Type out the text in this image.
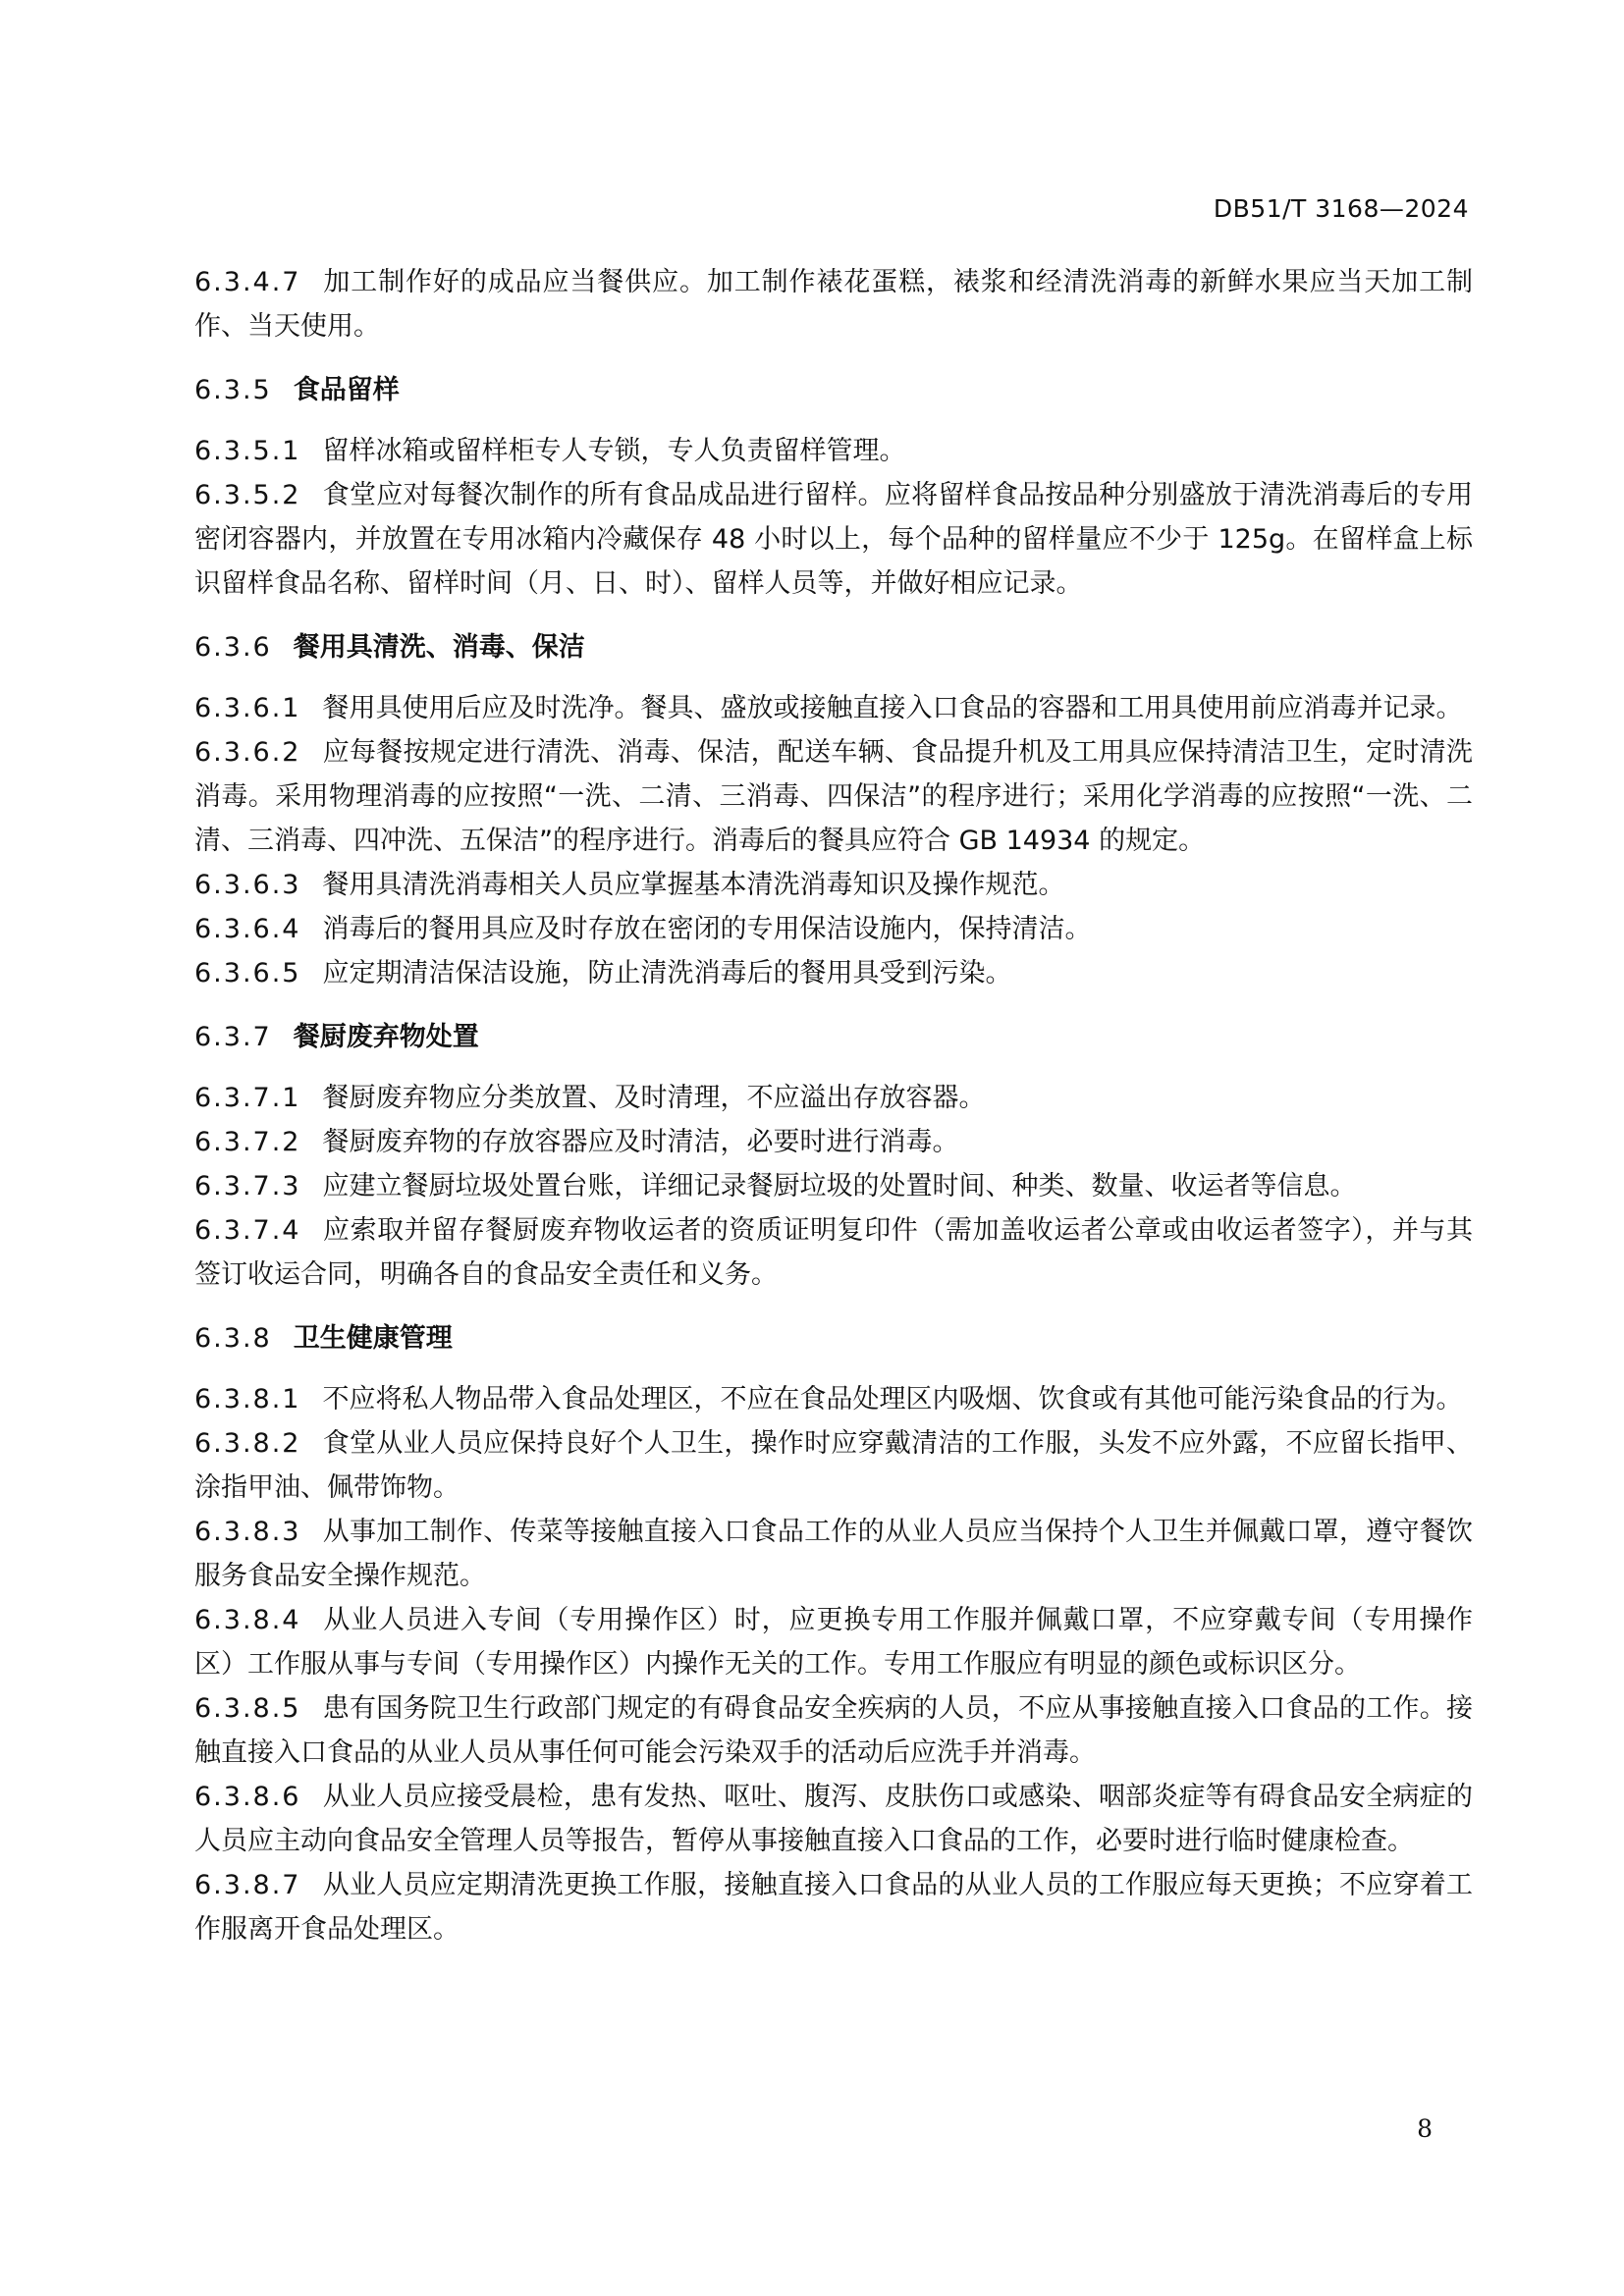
DB51/T 3168—2024

6.3.4.7 加工制作好的成品应当餐供应。加工制作裱花蛋糕，裱浆和经清洗消毒的新鲜水果应当天加工制作、当天使用。

6.3.5 食品留样

6.3.5.1 留样冰箱或留样柜专人专锁，专人负责留样管理。

6.3.5.2 食堂应对每餐次制作的所有食品成品进行留样。应将留样食品按品种分别盛放于清洗消毒后的专用密闭容器内，并放置在专用冰箱内冷藏保存 48 小时以上，每个品种的留样量应不少于 125g。在留样盒上标识留样食品名称、留样时间（月、日、时）、留样人员等，并做好相应记录。

6.3.6 餐用具清洗、消毒、保洁

6.3.6.1 餐用具使用后应及时洗净。餐具、盛放或接触直接入口食品的容器和工用具使用前应消毒并记录。

6.3.6.2 应每餐按规定进行清洗、消毒、保洁，配送车辆、食品提升机及工用具应保持清洁卫生，定时清洗消毒。采用物理消毒的应按照“一洗、二清、三消毒、四保洁”的程序进行；采用化学消毒的应按照“一洗、二清、三消毒、四冲洗、五保洁”的程序进行。消毒后的餐具应符合 GB 14934 的规定。

6.3.6.3 餐用具清洗消毒相关人员应掌握基本清洗消毒知识及操作规范。

6.3.6.4 消毒后的餐用具应及时存放在密闭的专用保洁设施内，保持清洁。

6.3.6.5 应定期清洁保洁设施，防止清洗消毒后的餐用具受到污染。

6.3.7 餐厨废弃物处置

6.3.7.1 餐厨废弃物应分类放置、及时清理，不应溢出存放容器。

6.3.7.2 餐厨废弃物的存放容器应及时清洁，必要时进行消毒。

6.3.7.3 应建立餐厨垃圾处置台账，详细记录餐厨垃圾的处置时间、种类、数量、收运者等信息。

6.3.7.4 应索取并留存餐厨废弃物收运者的资质证明复印件（需加盖收运者公章或由收运者签字），并与其签订收运合同，明确各自的食品安全责任和义务。

6.3.8 卫生健康管理

6.3.8.1 不应将私人物品带入食品处理区，不应在食品处理区内吸烟、饮食或有其他可能污染食品的行为。

6.3.8.2 食堂从业人员应保持良好个人卫生，操作时应穿戴清洁的工作服，头发不应外露，不应留长指甲、涂指甲油、佩带饰物。

6.3.8.3 从事加工制作、传菜等接触直接入口食品工作的从业人员应当保持个人卫生并佩戴口罩，遵守餐饮服务食品安全操作规范。

6.3.8.4 从业人员进入专间（专用操作区）时，应更换专用工作服并佩戴口罩，不应穿戴专间（专用操作区）工作服从事与专间（专用操作区）内操作无关的工作。专用工作服应有明显的颜色或标识区分。

6.3.8.5 患有国务院卫生行政部门规定的有碍食品安全疾病的人员，不应从事接触直接入口食品的工作。接触直接入口食品的从业人员从事任何可能会污染双手的活动后应洗手并消毒。

6.3.8.6 从业人员应接受晨检，患有发热、呕吐、腹泻、皮肤伤口或感染、咽部炎症等有碍食品安全病症的人员应主动向食品安全管理人员等报告，暂停从事接触直接入口食品的工作，必要时进行临时健康检查。

6.3.8.7 从业人员应定期清洗更换工作服，接触直接入口食品的从业人员的工作服应每天更换；不应穿着工作服离开食品处理区。

8
